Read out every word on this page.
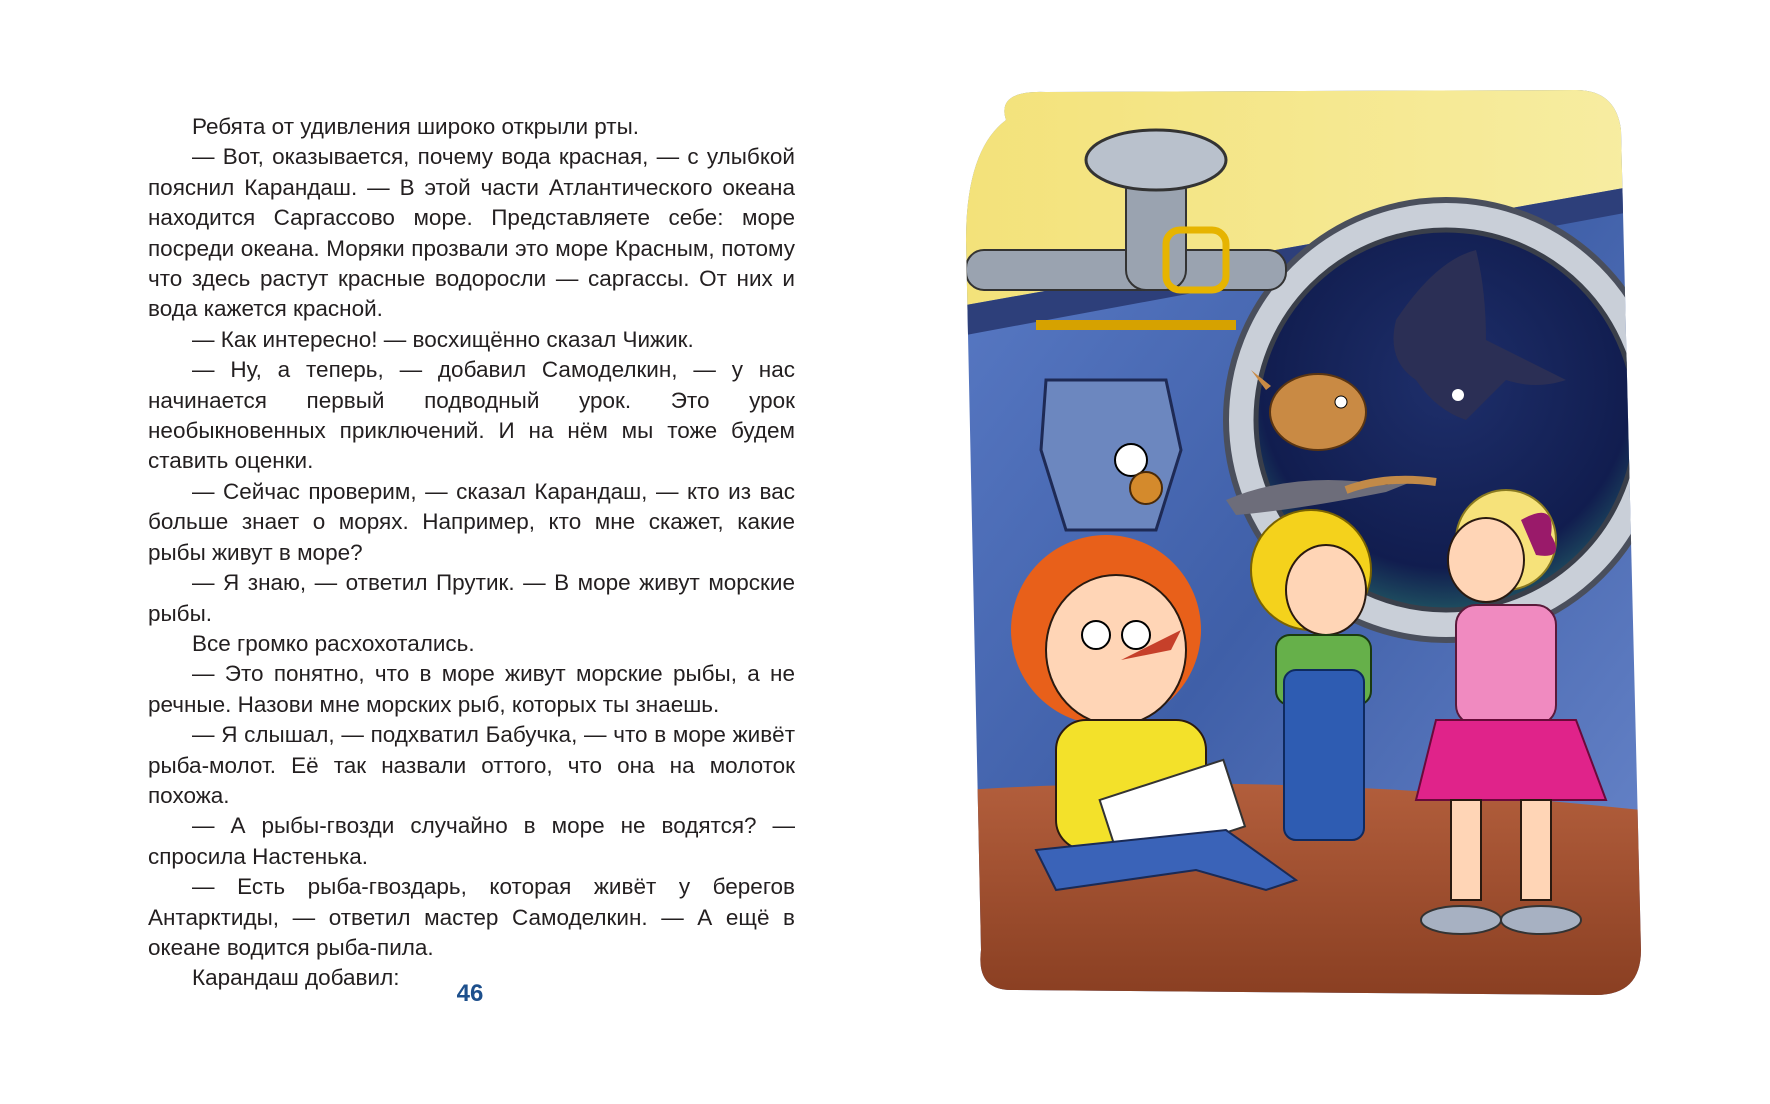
Ребята от удивления широко открыли рты.

— Вот, оказывается, почему вода красная, — с улыбкой пояснил Карандаш. — В этой части Атлантического океана находится Саргассово море. Представляете себе: море посреди океана. Моряки прозвали это море Красным, потому что здесь растут красные водоросли — саргассы. От них и вода кажется красной.

— Как интересно! — восхищённо сказал Чижик.

— Ну, а теперь, — добавил Самоделкин, — у нас начинается первый подводный урок. Это урок необыкновенных приключений. И на нём мы тоже будем ставить оценки.

— Сейчас проверим, — сказал Карандаш, — кто из вас больше знает о морях. Например, кто мне скажет, какие рыбы живут в море?

— Я знаю, — ответил Прутик. — В море живут морские рыбы.

Все громко расхохотались.

— Это понятно, что в море живут морские рыбы, а не речные. Назови мне морских рыб, которых ты знаешь.

— Я слышал, — подхватил Бабучка, — что в море живёт рыба-молот. Её так назвали оттого, что она на молоток похожа.

— А рыбы-гвозди случайно в море не водятся? — спросила Настенька.

— Есть рыба-гвоздарь, которая живёт у берегов Антарктиды, — ответил мастер Самоделкин. — А ещё в океане водится рыба-пила.

Карандаш добавил:

46
